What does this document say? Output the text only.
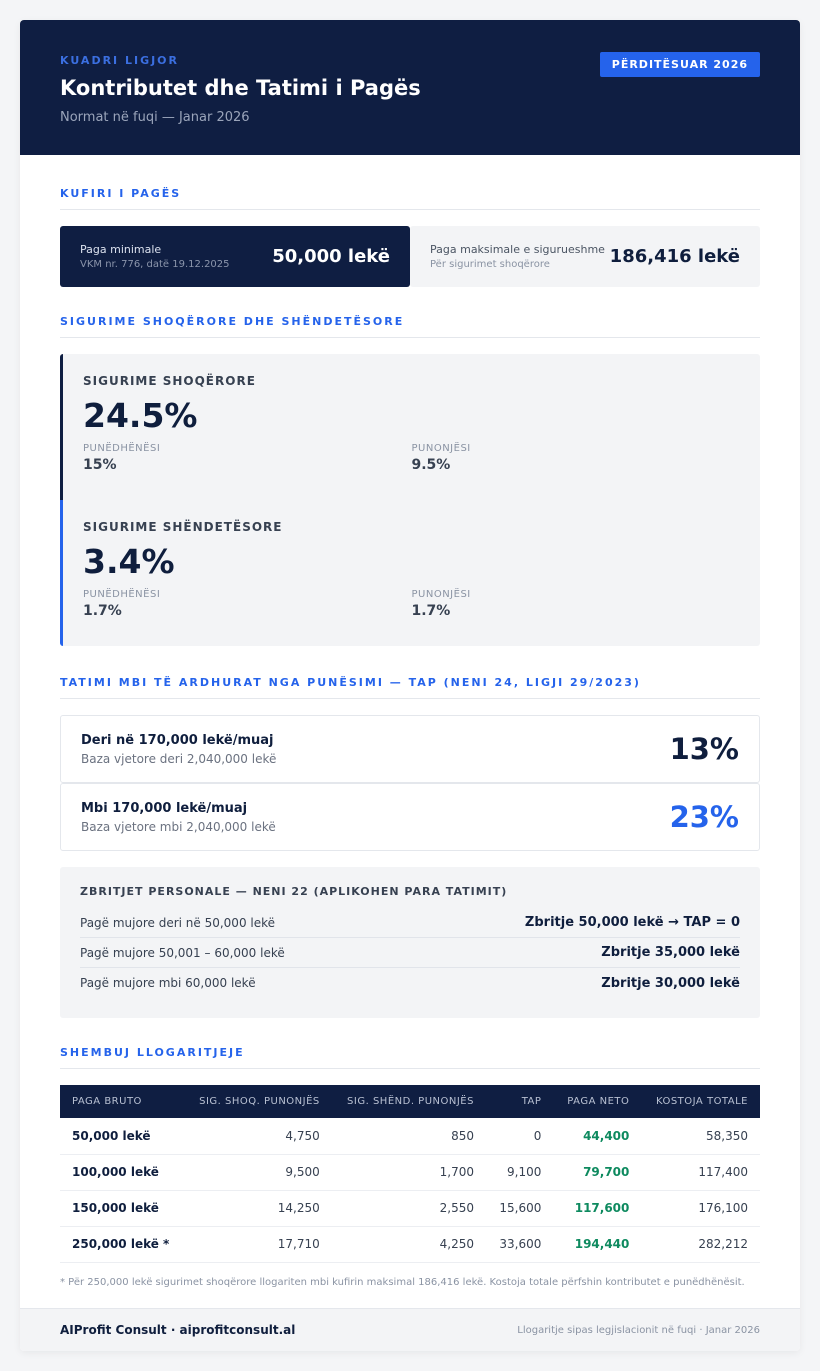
KUADRI LIGJOR
Kontributet dhe Tatimi i Pagës
Normat në fuqi — Janar 2026
PËRDITËSUAR 2026
KUFIRI I PAGËS
Paga minimale
VKM nr. 776, datë 19.12.2025 50,000 lekë	Paga maksimale e sigurueshme
Për sigurimet shoqërore	186,416 lekë
SIGURIME SHOQËRORE DHE SHËNDETËSORE
SIGURIME SHOQËRORE
24.5%
PUNËDHËNËSI
15%
PUNONJËSI
9.5%
SIGURIME SHËNDETËSORE
3.4%
PUNËDHËNËSI
1.7%
PUNONJËSI
1.7%
TATIMI MBI TË ARDHURAT NGA PUNËSIMI — TAP (NENI 24, LIGJI 29/2023)
Deri në 170,000 lekë/muaj
Baza vjetore deri 2,040,000 lekë	13%
Mbi 170,000 lekë/muaj
Baza vjetore mbi 2,040,000 lekë	23%
ZBRITJET PERSONALE — NENI 22 (APLIKOHEN PARA TATIMIT)
Pagë mujore deri në 50,000 lekë	Zbritje 50,000 lekë → TAP = 0
Pagë mujore 50,001 – 60,000 lekë	Zbritje 35,000 lekë
Pagë mujore mbi 60,000 lekë	Zbritje 30,000 lekë
SHEMBUJ LLOGARITJEJE
PAGA BRUTO	SIG. SHOQ. PUNONJËS	SIG. SHËND. PUNONJËS	TAP	PAGA NETO	KOSTOJA TOTALE
50,000 lekë	4,750	850	0	44,400	58,350
100,000 lekë	9,500	1,700	9,100	79,700	117,400
150,000 lekë	14,250	2,550	15,600	117,600	176,100
250,000 lekë *	17,710	4,250	33,600	194,440	282,212
* Për 250,000 lekë sigurimet shoqërore llogariten mbi kufirin maksimal 186,416 lekë. Kostoja totale përfshin kontributet e punëdhënësit.
AIProfit Consult · aiprofitconsult.al	Llogaritje sipas legjislacionit në fuqi · Janar 2026
